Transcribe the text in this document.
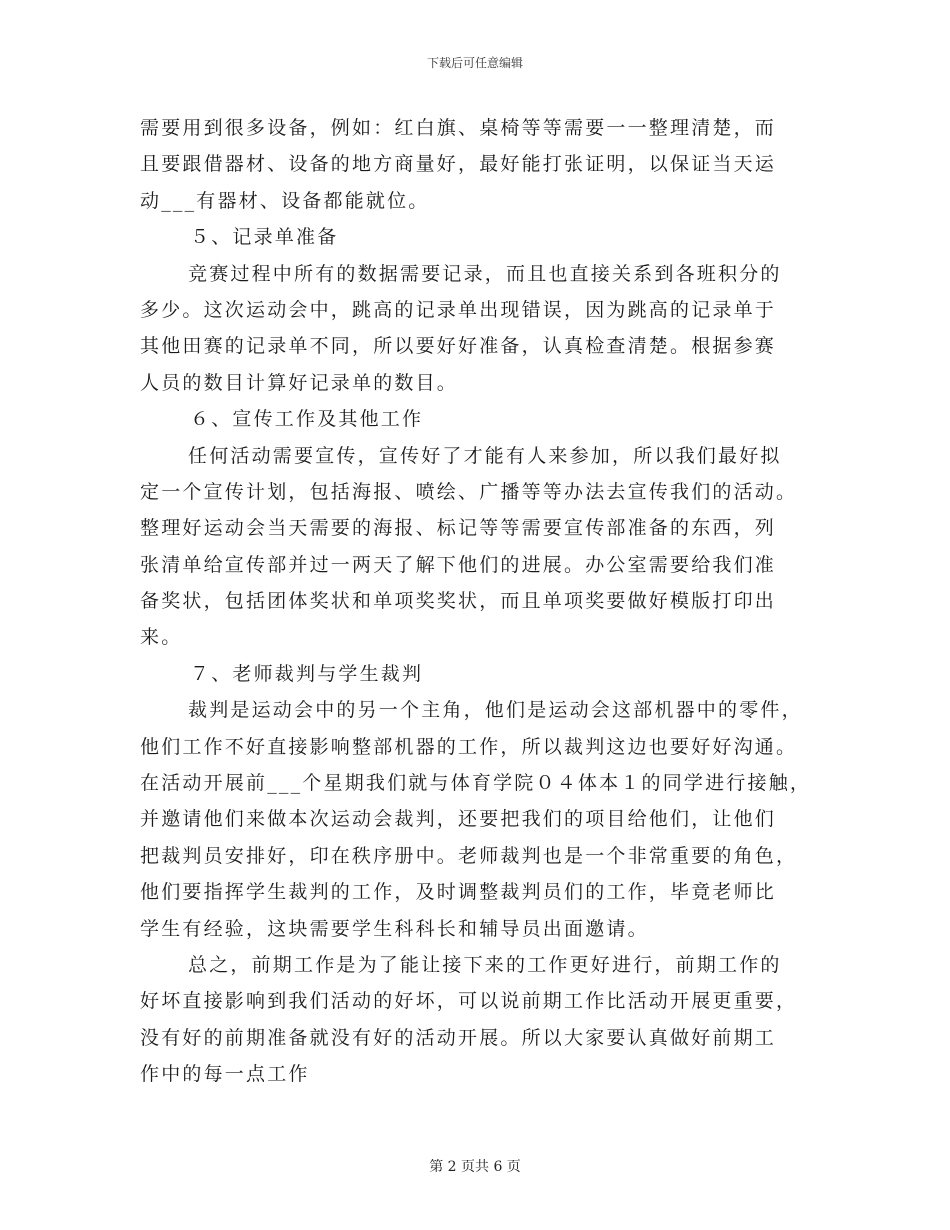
下载后可任意编辑
需要用到很多设备，例如：红白旗、桌椅等等需要一一整理清楚，而
且要跟借器材、设备的地方商量好，最好能打张证明，以保证当天运
动___有器材、设备都能就位。
５、记录单准备
竞赛过程中所有的数据需要记录，而且也直接关系到各班积分的
多少。这次运动会中，跳高的记录单出现错误，因为跳高的记录单于
其他田赛的记录单不同，所以要好好准备，认真检查清楚。根据参赛
人员的数目计算好记录单的数目。
６、宣传工作及其他工作
任何活动需要宣传，宣传好了才能有人来参加，所以我们最好拟
定一个宣传计划，包括海报、喷绘、广播等等办法去宣传我们的活动。
整理好运动会当天需要的海报、标记等等需要宣传部准备的东西，列
张清单给宣传部并过一两天了解下他们的进展。办公室需要给我们准
备奖状，包括团体奖状和单项奖奖状，而且单项奖要做好模版打印出
来。
７、老师裁判与学生裁判
裁判是运动会中的另一个主角，他们是运动会这部机器中的零件，
他们工作不好直接影响整部机器的工作，所以裁判这边也要好好沟通。
在活动开展前___个星期我们就与体育学院０４体本１的同学进行接触，
并邀请他们来做本次运动会裁判，还要把我们的项目给他们，让他们
把裁判员安排好，印在秩序册中。老师裁判也是一个非常重要的角色，
他们要指挥学生裁判的工作，及时调整裁判员们的工作，毕竟老师比
学生有经验，这块需要学生科科长和辅导员出面邀请。
总之，前期工作是为了能让接下来的工作更好进行，前期工作的
好坏直接影响到我们活动的好坏，可以说前期工作比活动开展更重要，
没有好的前期准备就没有好的活动开展。所以大家要认真做好前期工
作中的每一点工作
第 2 页共 6 页
